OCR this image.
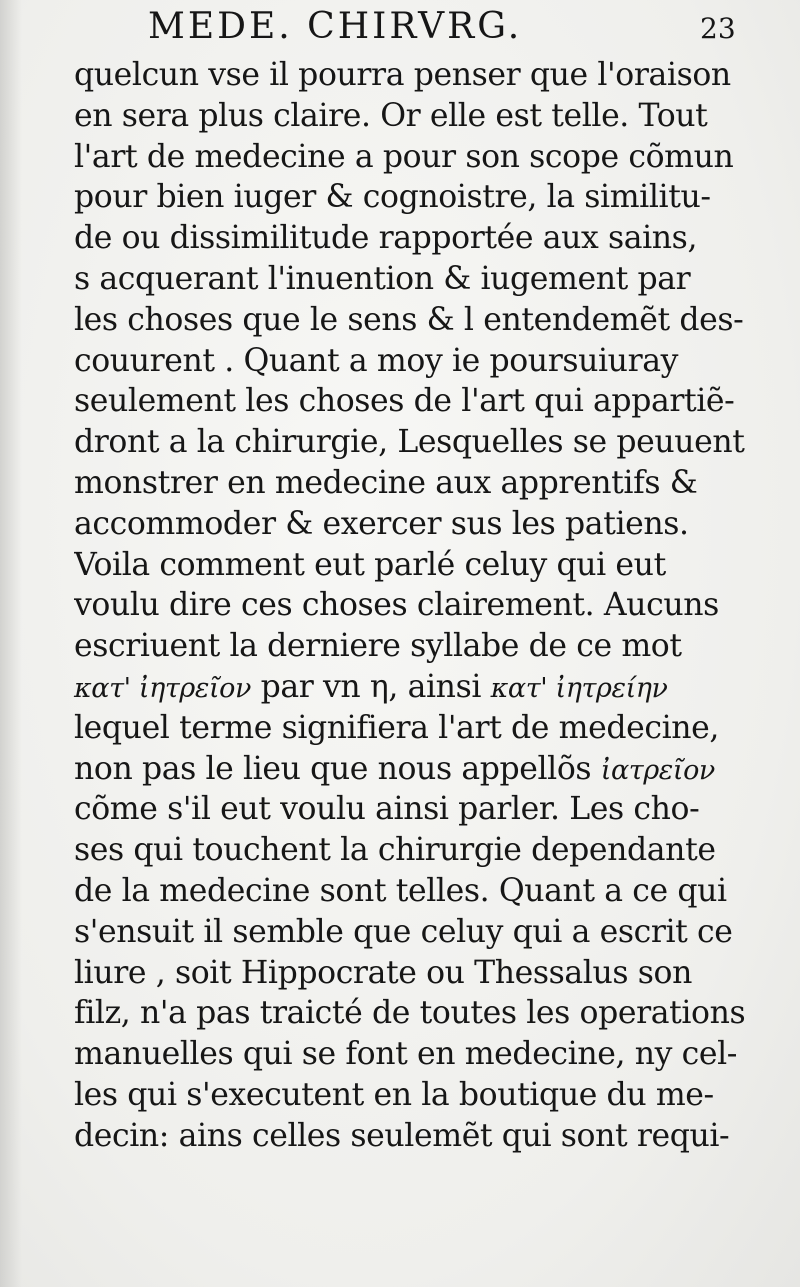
MEDE. CHIRVRG.	23
quelcun vse il pourra penser que l'oraison
en sera plus claire. Or elle est telle. Tout
l'art de medecine a pour son scope cõmun
pour bien iuger & cognoistre, la similitu-
de ou dissimilitude rapportée aux sains,
s acquerant l'inuention & iugement par
les choses que le sens & l entendemẽt des-
couurent . Quant a moy ie poursuiuray
seulement les choses de l'art qui appartiẽ-
dront a la chirurgie, Lesquelles se peuuent
monstrer en medecine aux apprentifs &
accommoder & exercer sus les patiens.
Voila comment eut parlé celuy qui eut
voulu dire ces choses clairement. Aucuns
escriuent la derniere syllabe de ce mot
κατ' ἰητρεῖον par vn η, ainsi κατ' ἰητρείην
lequel terme signifiera l'art de medecine,
non pas le lieu que nous appellõs ἰατρεῖον
cõme s'il eut voulu ainsi parler. Les cho-
ses qui touchent la chirurgie dependante
de la medecine sont telles. Quant a ce qui
s'ensuit il semble que celuy qui a escrit ce
liure , soit Hippocrate ou Thessalus son
filz, n'a pas traicté de toutes les operations
manuelles qui se font en medecine, ny cel-
les qui s'executent en la boutique du me-
decin: ains celles seulemẽt qui sont requi-
